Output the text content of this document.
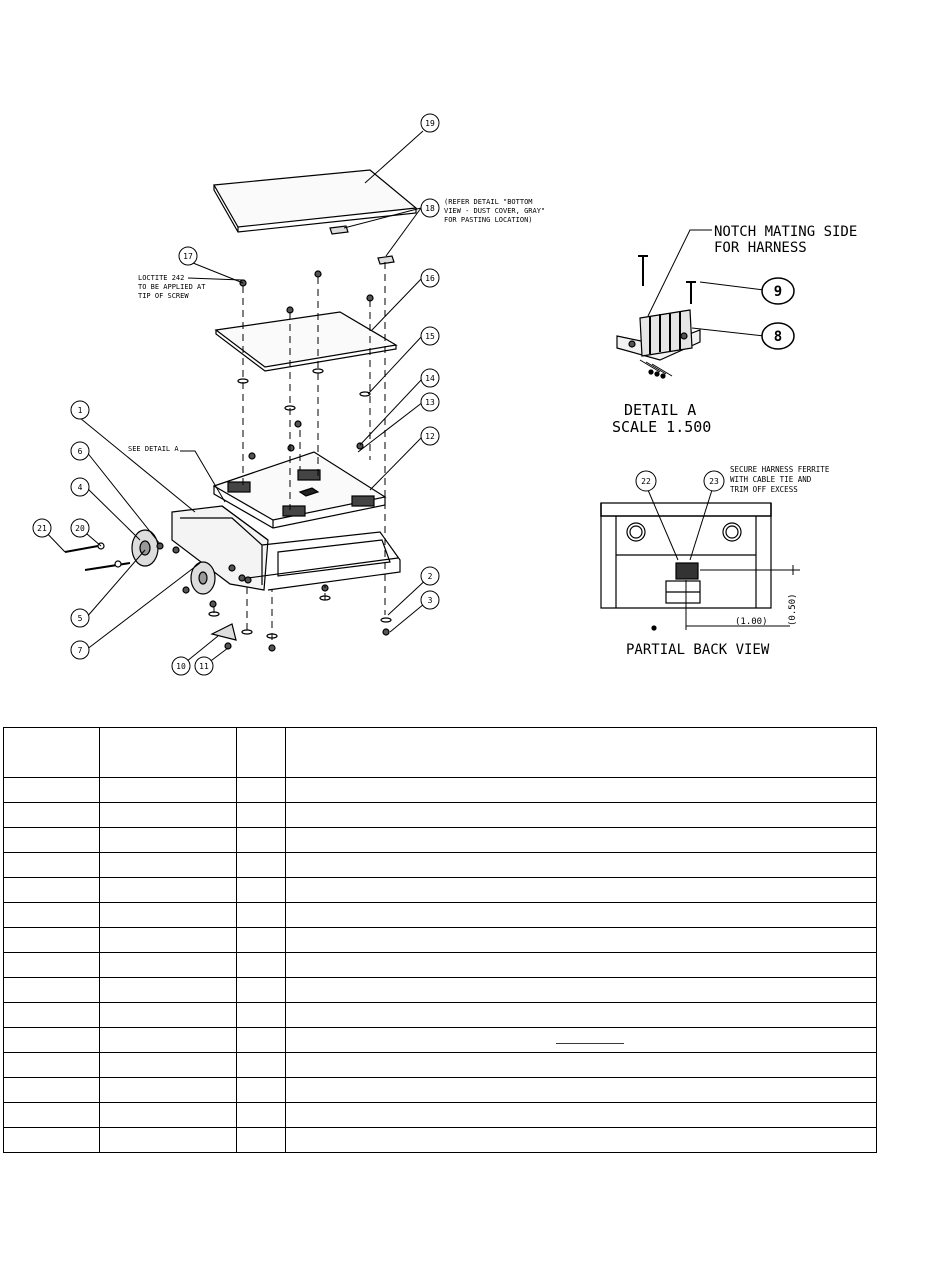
19
18
17
16
15
14
13
12
1
6
4
21	20
5
7
10 11
2
3
(REFER DETAIL "BOTTOM
VIEW - DUST COVER, GRAY"
FOR PASTING LOCATION)
LOCTITE 242
TO BE APPLIED AT
TIP OF SCREW
SEE DETAIL A
9
8
NOTCH MATING SIDE
FOR HARNESS
DETAIL A
SCALE 1.500
22	23
SECURE HARNESS FERRITE
WITH CABLE TIE AND
TRIM OFF EXCESS
(1.00) (0.50)
PARTIAL BACK VIEW
